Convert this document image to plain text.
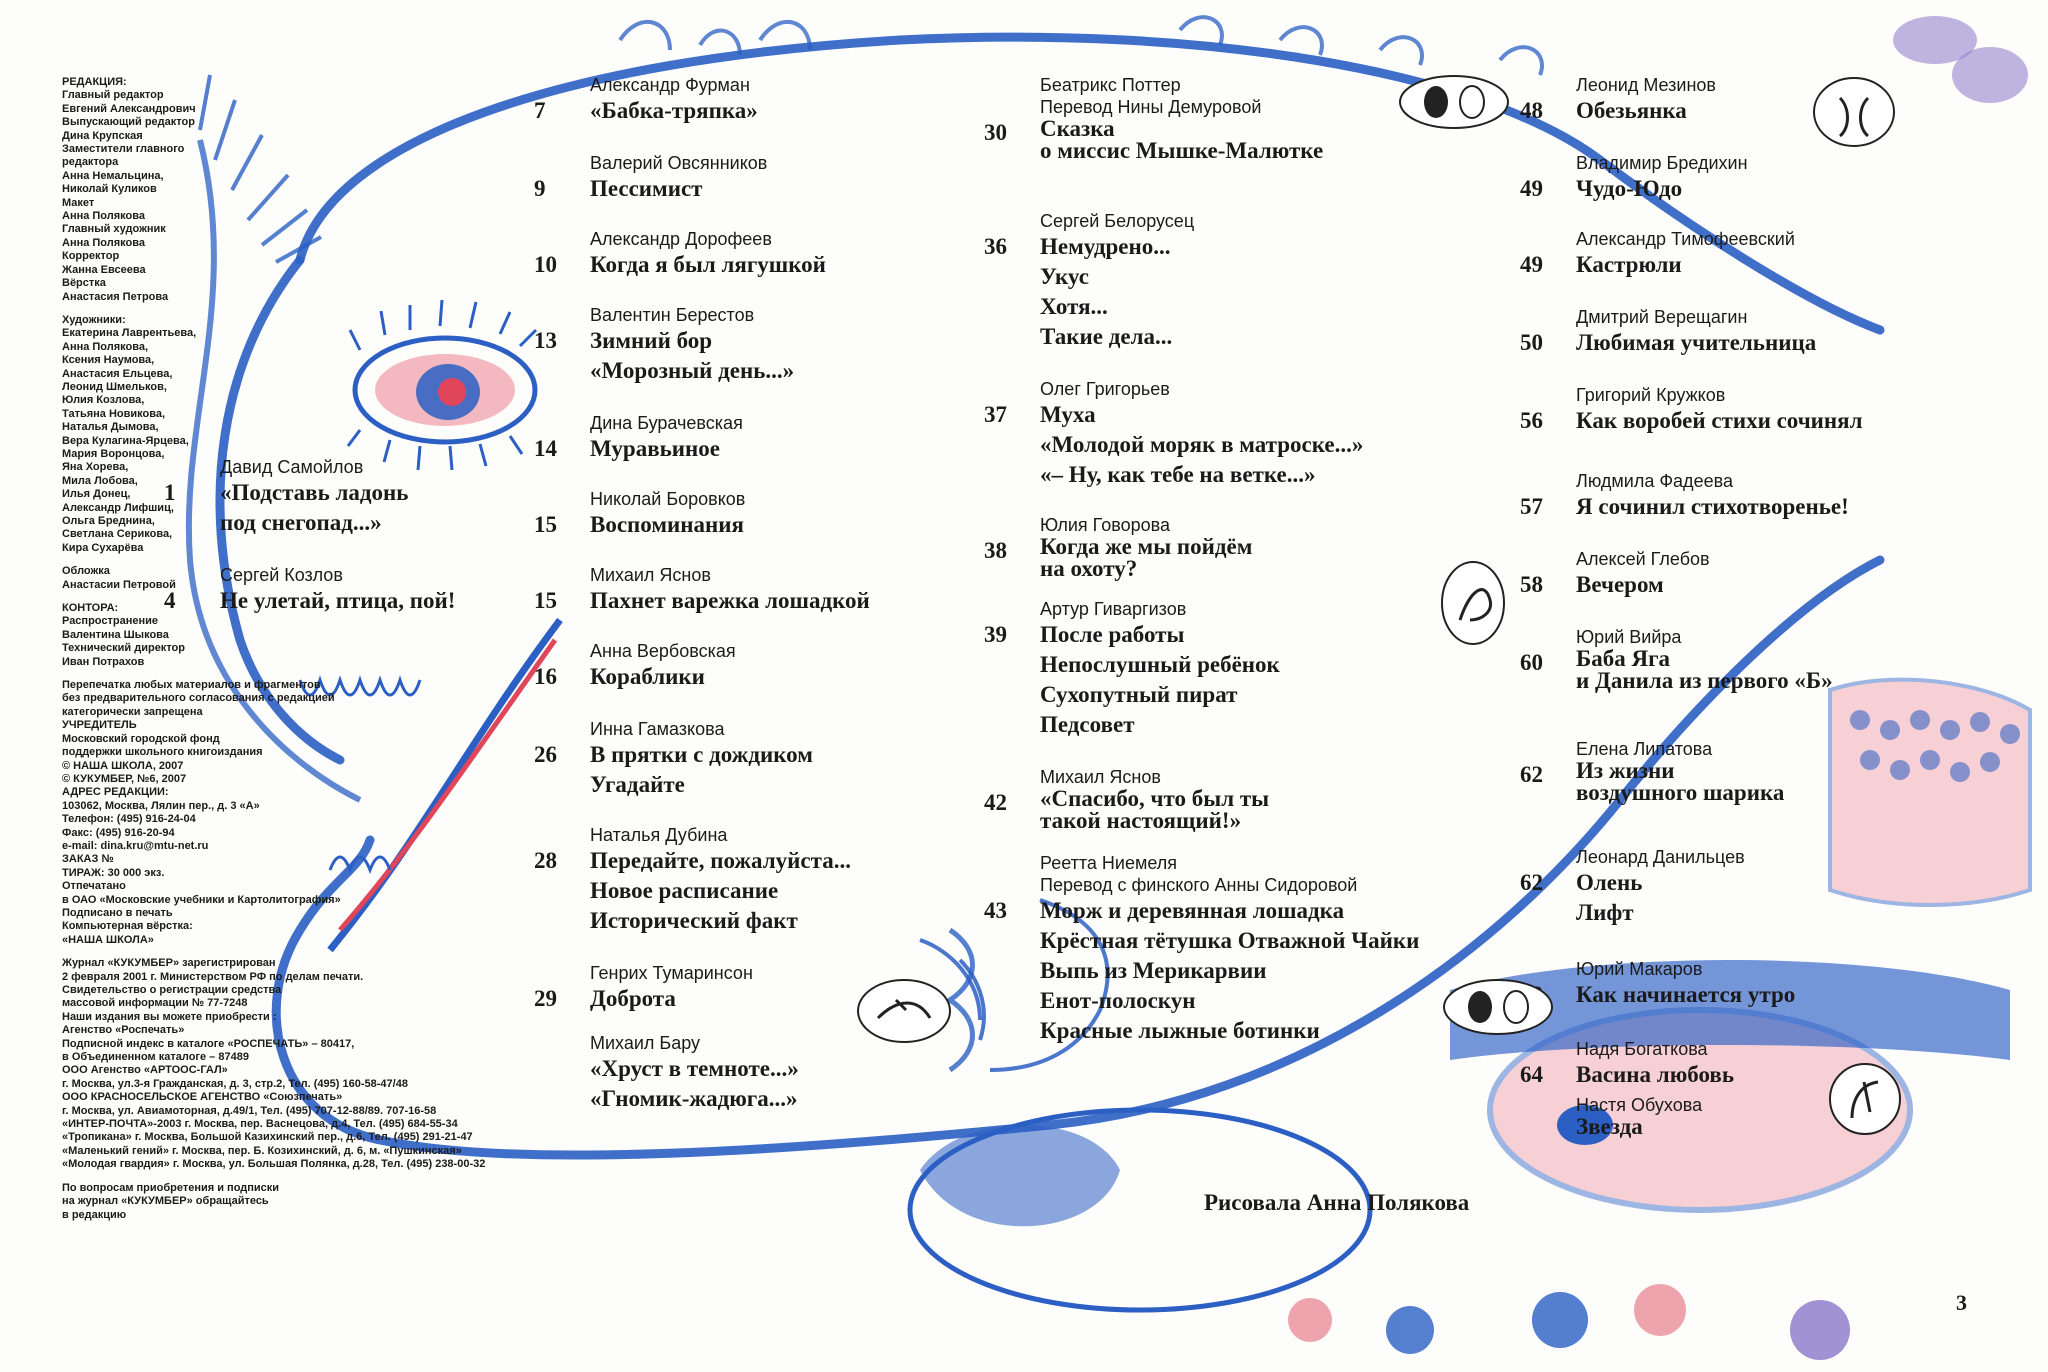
РЕДАКЦИЯ:
Главный редактор
Евгений Александрович
Выпускающий редактор
Дина Крупская
Заместители главного
редактора
Анна Немальцина,
Николай Куликов
Макет
Анна Полякова
Главный художник
Анна Полякова
Корректор
Жанна Евсеева
Вёрстка
Анастасия Петрова
Художники:
Екатерина Лаврентьева,
Анна Полякова,
Ксения Наумова,
Анастасия Ельцева,
Леонид Шмельков,
Юлия Козлова,
Татьяна Новикова,
Наталья Дымова,
Вера Кулагина-Ярцева,
Мария Воронцова,
Яна Хорева,
Мила Лобова,
Илья Донец,
Александр Лифшиц,
Ольга Бреднина,
Светлана Серикова,
Кира Сухарёва
Обложка
Анастасии Петровой
КОНТОРА:
Распространение
Валентина Шыкова
Технический директор
Иван Потрахов
Перепечатка любых материалов и фрагментов
без предварительного согласования с редакцией
категорически запрещена
УЧРЕДИТЕЛЬ
Московский городской фонд
поддержки школьного книгоиздания
© НАША ШКОЛА, 2007
© КУКУМБЕР, №6, 2007
АДРЕС РЕДАКЦИИ:
103062, Москва, Лялин пер., д. 3 «А»
Телефон: (495) 916-24-04
Факс: (495) 916-20-94
e-mail: dina.kru@mtu-net.ru
ЗАКАЗ №
ТИРАЖ: 30 000 экз.
Отпечатано
в ОАО «Московские учебники и Картолитография»
Подписано в печать
Компьютерная вёрстка:
«НАША ШКОЛА»
Журнал «КУКУМБЕР» зарегистрирован
2 февраля 2001 г. Министерством РФ по делам печати.
Свидетельство о регистрации средства
массовой информации № 77-7248
Наши издания вы можете приобрести :
Агенство «Роспечать»
Подписной индекс в каталоге «РОСПЕЧАТЬ» – 80417,
в Объединенном каталоге – 87489
ООО Агенство «АРТООС-ГАЛ»
г. Москва, ул.3-я Гражданская, д. 3, стр.2, Тел. (495) 160-58-47/48
ООО КРАСНОСЕЛЬСКОЕ АГЕНСТВО «Союзпечать»
г. Москва, ул. Авиамоторная, д.49/1, Тел. (495) 707-12-88/89. 707-16-58
«ИНТЕР-ПОЧТА»-2003 г. Москва, пер. Васнецова, д.4, Тел. (495) 684-55-34
«Тропикана» г. Москва, Большой Казихинский пер., д.6, Тел. (495) 291-21-47
«Маленький гений» г. Москва, пер. Б. Козихинский, д. 6, м. «Пушкинская»
«Молодая гвардия» г. Москва, ул. Большая Полянка, д.28, Тел. (495) 238-00-32
По вопросам приобретения и подписки
на журнал «КУКУМБЕР» обращайтесь
в редакцию
Давид Самойлов
1	«Подставь ладонь
под снегопад...»
Сергей Козлов
4	Не улетай, птица, пой!
Александр Фурман
7	«Бабка-тряпка»
Валерий Овсянников
9	Пессимист
Александр Дорофеев
10	Когда я был лягушкой
Валентин Берестов
13	Зимний бор
«Морозный день...»
Дина Бурачевская
14	Муравьиное
Николай Боровков
15	Воспоминания
Михаил Яснов
15	Пахнет варежка лошадкой
Анна Вербовская
16	Кораблики
Инна Гамазкова
26	В прятки с дождиком
Угадайте
Наталья Дубина
28	Передайте, пожалуйста...
Новое расписание
Исторический факт
Генрих Тумаринсон
29	Доброта
Михаил Бару
«Хруст в темноте...»
«Гномик-жадюга...»
Беатрикс Поттер
Перевод Нины Демуровой
30	Сказка
о миссис Мышке-Малютке
Сергей Белорусец
36	Немудрено...
Укус
Хотя...
Такие дела...
Олег Григорьев
37	Муха
«Молодой моряк в матроске...»
«– Ну, как тебе на ветке...»
Юлия Говорова
38	Когда же мы пойдём
на охоту?
Артур Гиваргизов
39	После работы
Непослушный ребёнок
Сухопутный пират
Педсовет
Михаил Яснов
42	«Спасибо, что был ты
такой настоящий!»
Реетта Ниемеля
Перевод с финского Анны Сидоровой
43	Морж и деревянная лошадка
Крёстная тётушка Отважной Чайки
Выпь из Мерикарвии
Енот-полоскун
Красные лыжные ботинки
Леонид Мезинов
48	Обезьянка
Владимир Бредихин
49	Чудо-Юдо
Александр Тимофеевский
49	Кастрюли
Дмитрий Верещагин
50	Любимая учительница
Григорий Кружков
56	Как воробей стихи сочинял
Людмила Фадеева
57	Я сочинил стихотворенье!
Алексей Глебов
58	Вечером
Юрий Вийра
60	Баба Яга
и Данила из первого «Б»
Елена Липатова
62	Из жизни
воздушного шарика
Леонард Данильцев
62	Олень
Лифт
Юрий Макаров
Как начинается утро
Надя Богаткова
64	Васина любовь
Настя Обухова
Звезда
Рисовала Анна Полякова
3
